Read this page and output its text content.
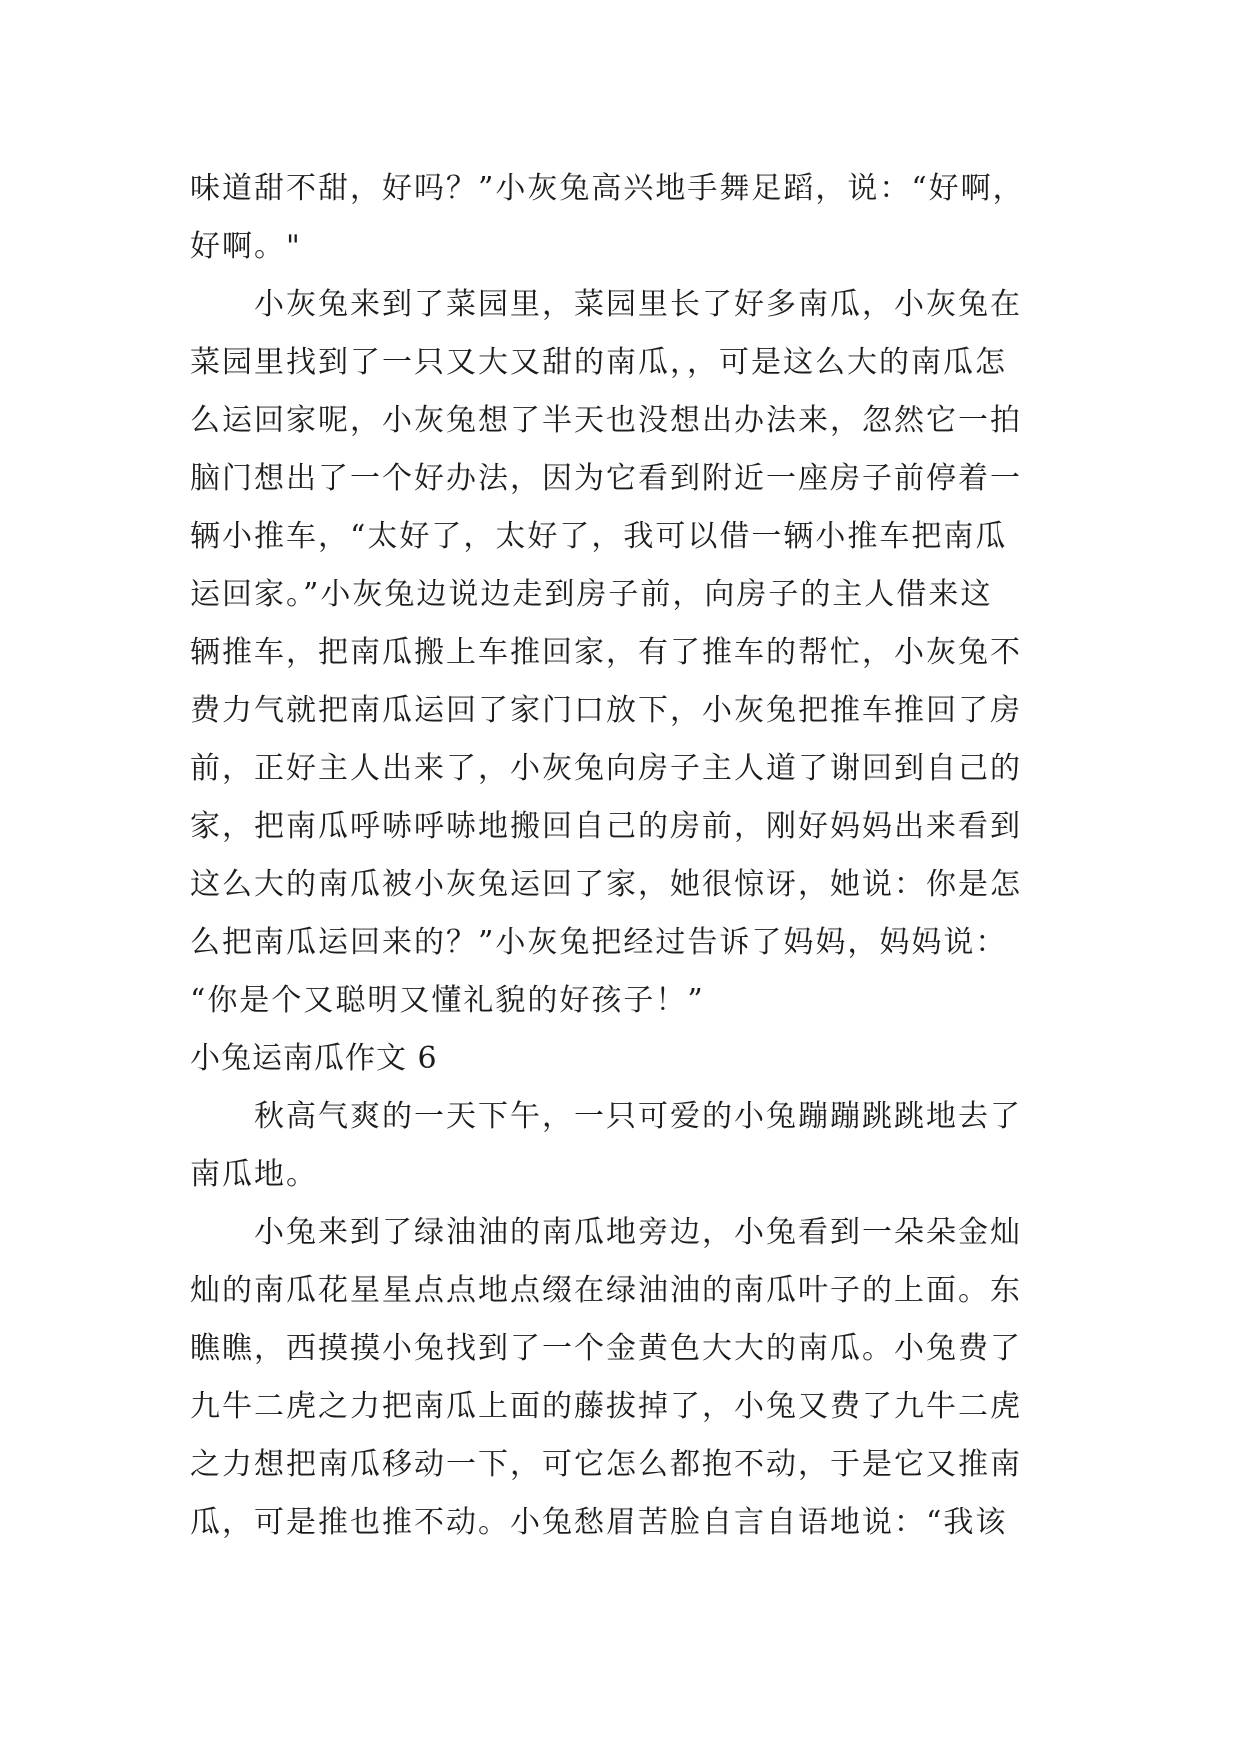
味道甜不甜，好吗？”小灰兔高兴地手舞足蹈，说：“好啊，
好啊。"
小灰兔来到了菜园里，菜园里长了好多南瓜，小灰兔在
菜园里找到了一只又大又甜的南瓜，，可是这么大的南瓜怎
么运回家呢，小灰兔想了半天也没想出办法来，忽然它一拍
脑门想出了一个好办法，因为它看到附近一座房子前停着一
辆小推车，“太好了，太好了，我可以借一辆小推车把南瓜
运回家。”小灰兔边说边走到房子前，向房子的主人借来这
辆推车，把南瓜搬上车推回家，有了推车的帮忙，小灰兔不
费力气就把南瓜运回了家门口放下，小灰兔把推车推回了房
前，正好主人出来了，小灰兔向房子主人道了谢回到自己的
家，把南瓜呼哧呼哧地搬回自己的房前，刚好妈妈出来看到
这么大的南瓜被小灰兔运回了家，她很惊讶，她说：你是怎
么把南瓜运回来的？”小灰兔把经过告诉了妈妈，妈妈说：
“你是个又聪明又懂礼貌的好孩子！”
小兔运南瓜作文 6
秋高气爽的一天下午，一只可爱的小兔蹦蹦跳跳地去了
南瓜地。
小兔来到了绿油油的南瓜地旁边，小兔看到一朵朵金灿
灿的南瓜花星星点点地点缀在绿油油的南瓜叶子的上面。东
瞧瞧，西摸摸小兔找到了一个金黄色大大的南瓜。小兔费了
九牛二虎之力把南瓜上面的藤拔掉了，小兔又费了九牛二虎
之力想把南瓜移动一下，可它怎么都抱不动，于是它又推南
瓜，可是推也推不动。小兔愁眉苦脸自言自语地说：“我该
